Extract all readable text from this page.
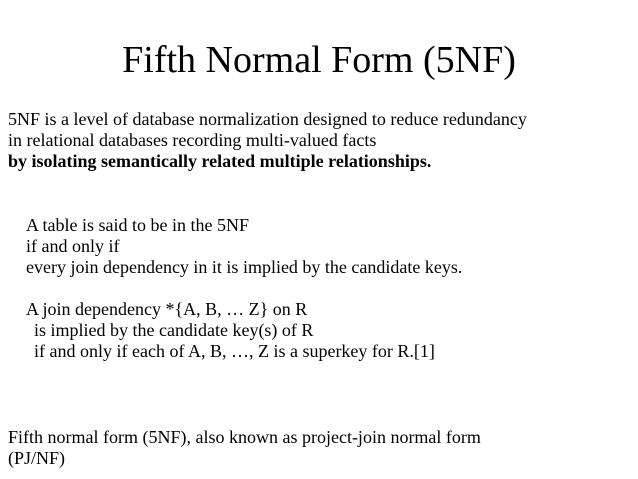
Fifth Normal Form (5NF)
5NF is a level of database normalization designed to reduce redundancy
in relational databases recording multi-valued facts
by isolating semantically related multiple relationships.
A table is said to be in the 5NF
if and only if
every join dependency in it is implied by the candidate keys.
A join dependency *{A, B, … Z} on R
is implied by the candidate key(s) of R
if and only if each of A, B, …, Z is a superkey for R.[1]
Fifth normal form (5NF), also known as project-join normal form
(PJ/NF)
